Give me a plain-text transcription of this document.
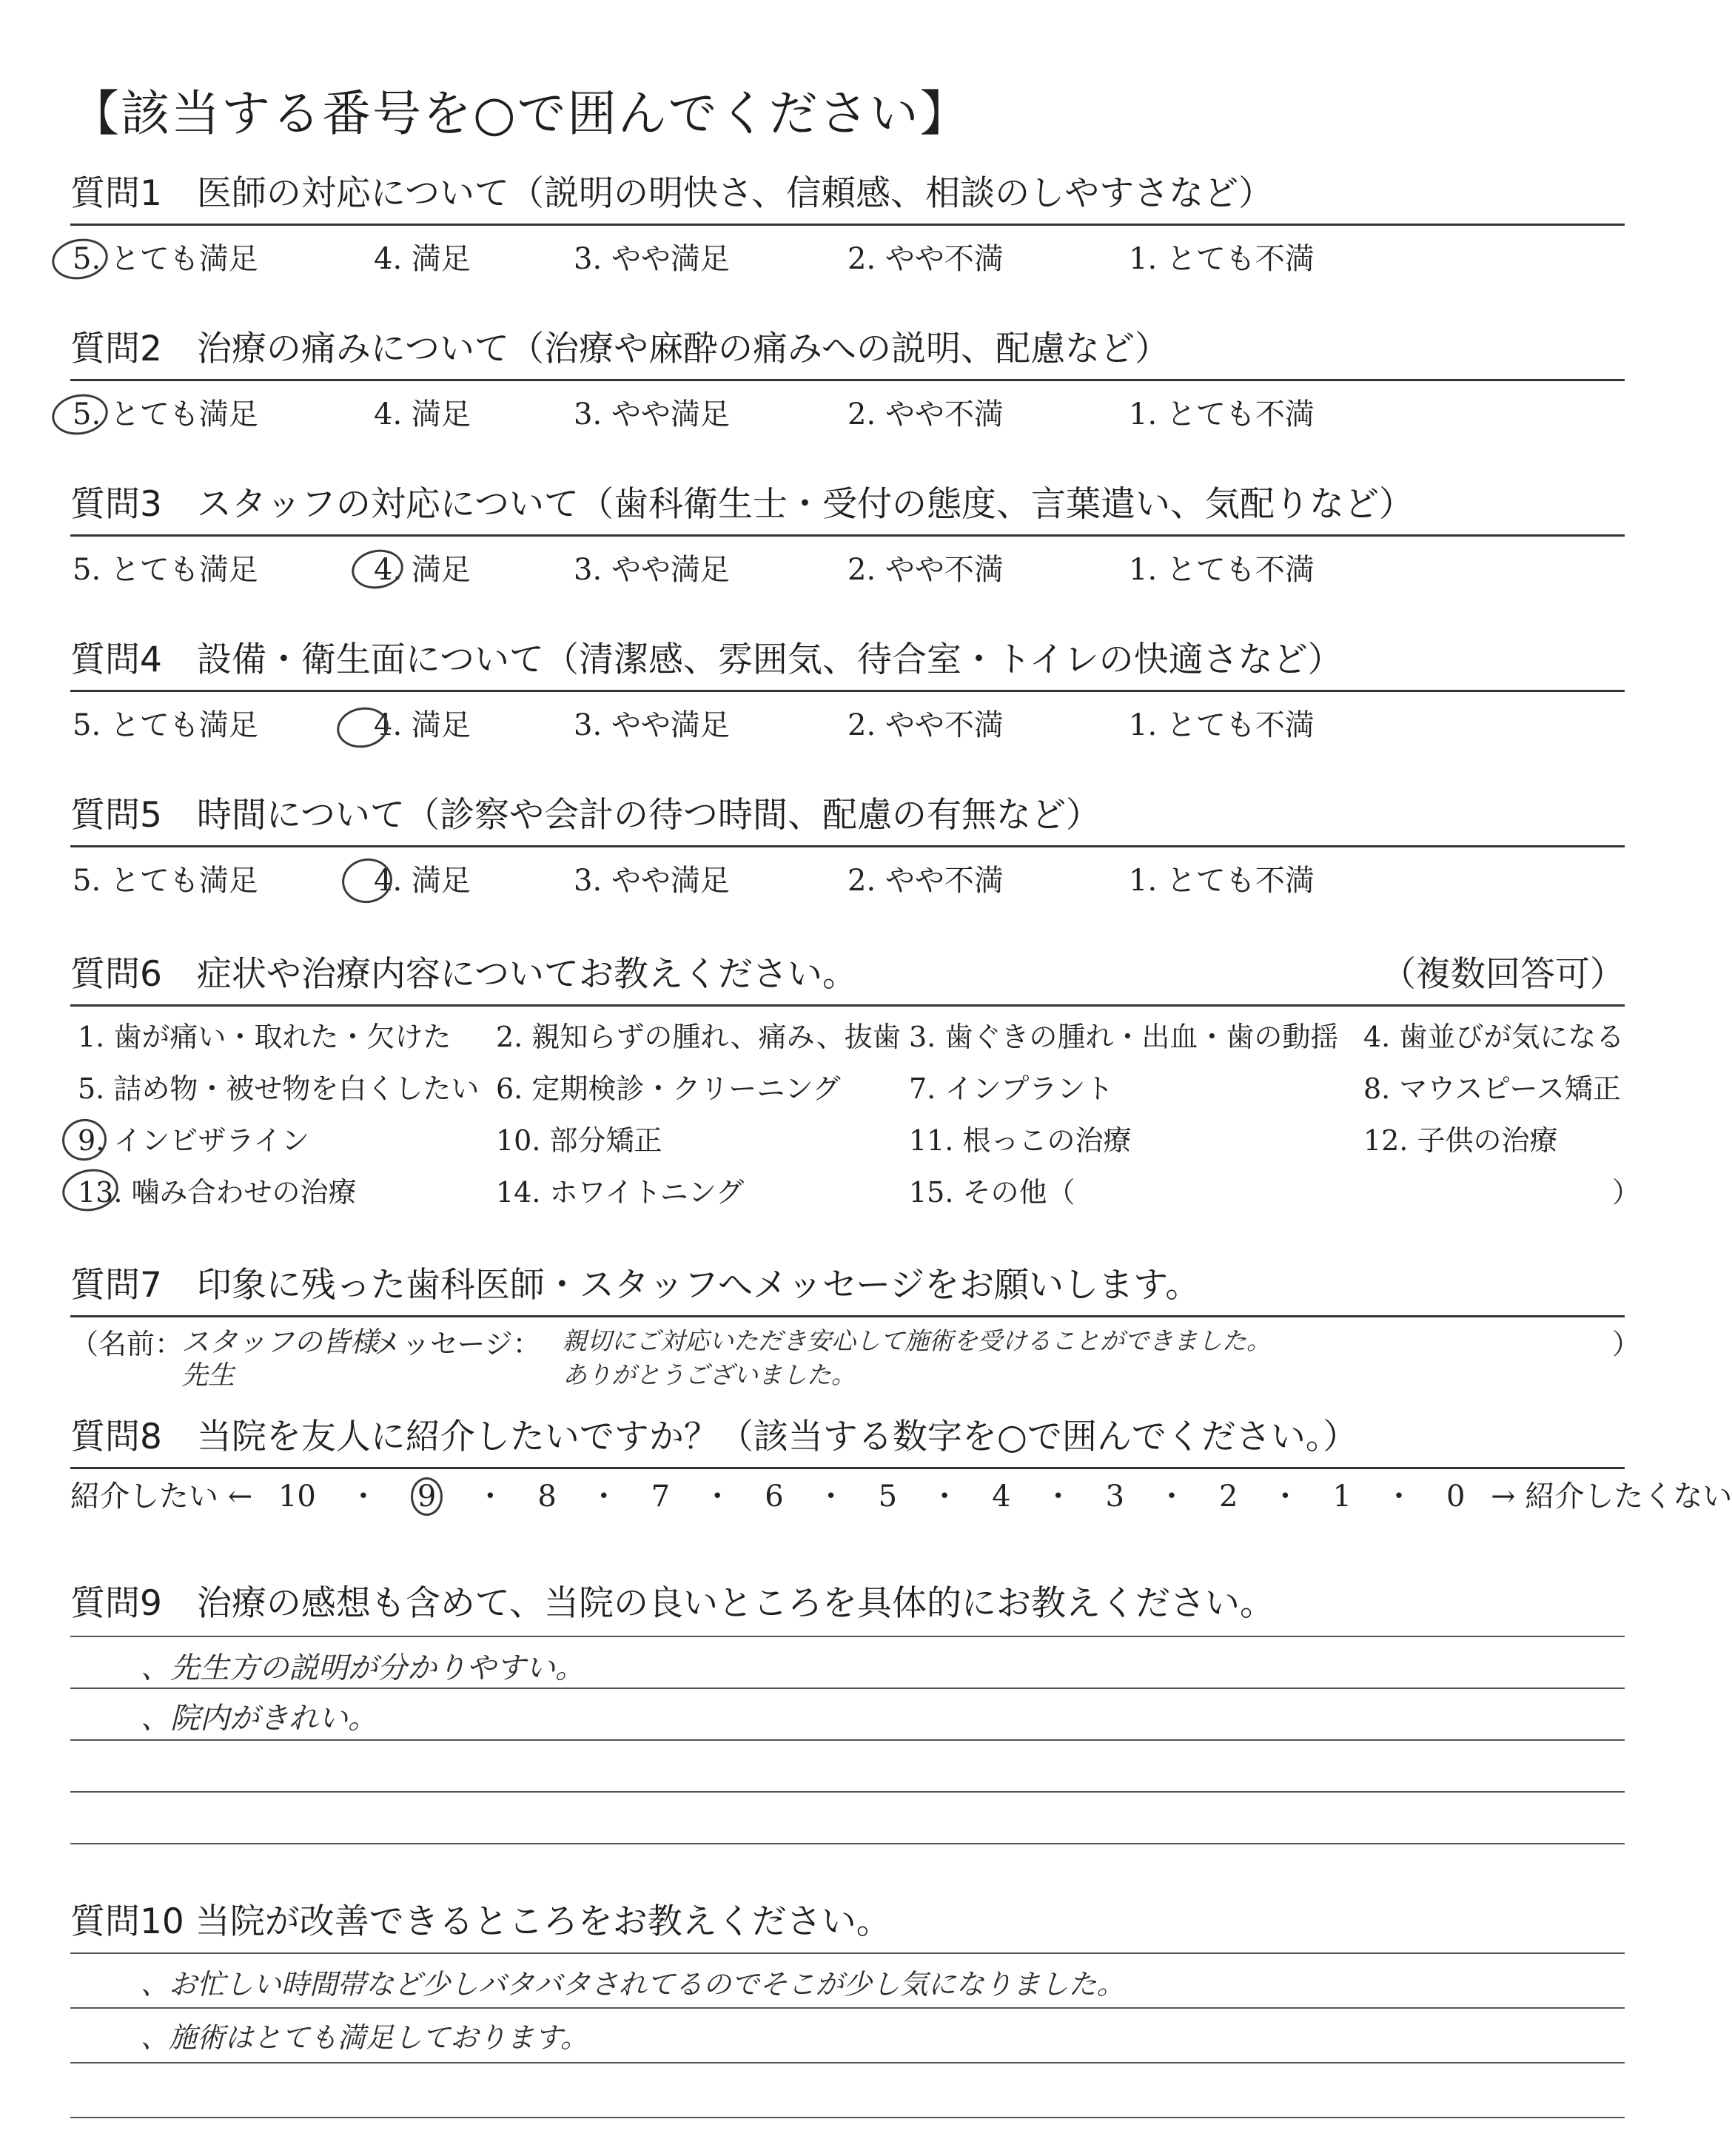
【該当する番号を○で囲んでください】
質問1　医師の対応について（説明の明快さ、信頼感、相談のしやすさなど）
5. とても満足	4. 満足	3. やや満足	2. やや不満	1. とても不満
質問2　治療の痛みについて（治療や麻酔の痛みへの説明、配慮など）
5. とても満足	4. 満足	3. やや満足	2. やや不満	1. とても不満
質問3　スタッフの対応について（歯科衛生士・受付の態度、言葉遣い、気配りなど）
5. とても満足	4. 満足	3. やや満足	2. やや不満	1. とても不満
質問4　設備・衛生面について（清潔感、雰囲気、待合室・トイレの快適さなど）
5. とても満足	4. 満足	3. やや満足	2. やや不満	1. とても不満
質問5　時間について（診察や会計の待つ時間、配慮の有無など）
5. とても満足	4. 満足	3. やや満足	2. やや不満	1. とても不満
質問6　症状や治療内容についてお教えください。	（複数回答可）
1. 歯が痛い・取れた・欠けた 2. 親知らずの腫れ、痛み、抜歯 3. 歯ぐきの腫れ・出血・歯の動揺 4. 歯並びが気になる
5. 詰め物・被せ物を白くしたい 6. 定期検診・クリーニング 7. インプラント	8. マウスピース矯正
9. インビザライン	10. 部分矯正	11. 根っこの治療	12. 子供の治療
13. 噛み合わせの治療	14. ホワイトニング	15. その他（	）
質問7　印象に残った歯科医師・スタッフへメッセージをお願いします。
（名前：
スタッフの皆様
先生
メッセージ： 親切にご対応いただき安心して施術を受けることができました。
ありがとうございました。
）
質問8　当院を友人に紹介したいですか？（該当する数字を○で囲んでください。）
紹介したい ← 10 ・ 9 ・ 8 ・ 7 ・ 6 ・ 5 ・ 4 ・ 3 ・ 2 ・ 1 ・ 0 → 紹介したくない
質問9　治療の感想も含めて、当院の良いところを具体的にお教えください。
、先生方の説明が分かりやすい。
、院内がきれい。
質問10 当院が改善できるところをお教えください。
、お忙しい時間帯など少しバタバタされてるのでそこが少し気になりました。
、施術はとても満足しております。
